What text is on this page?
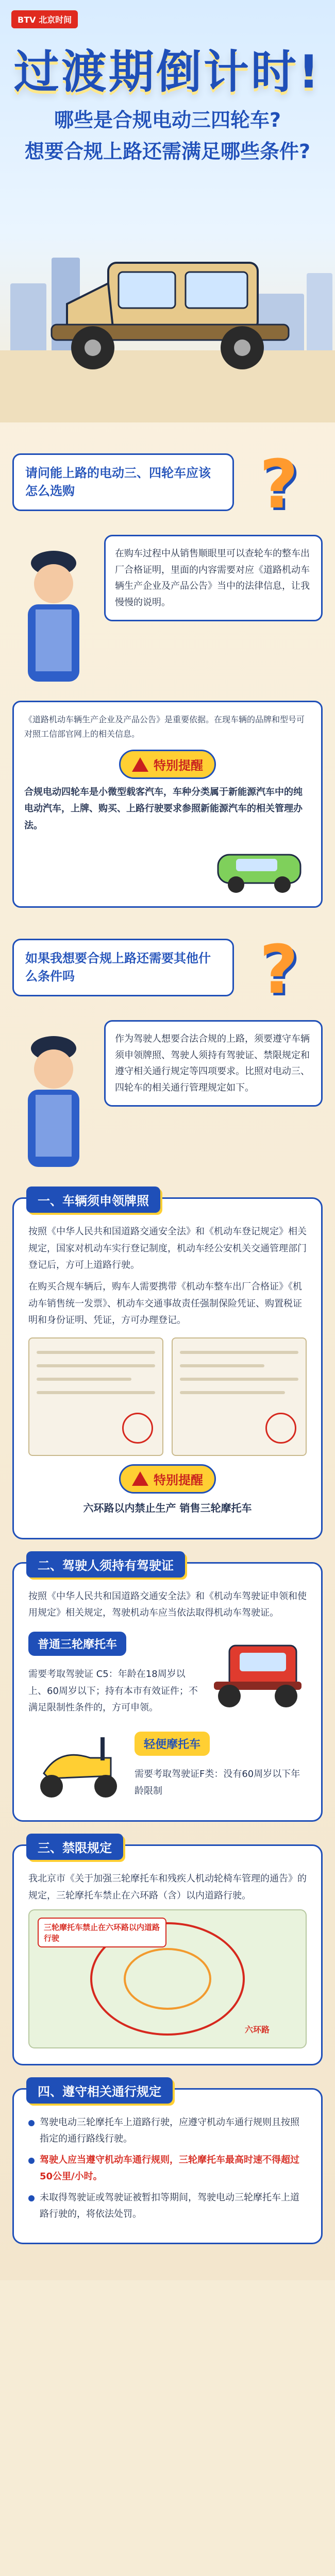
BTV 北京时间
过渡期倒计时!
哪些是合规电动三四轮车?
想要合规上路还需满足哪些条件?
请问能上路的电动三、四轮车应该怎么选购	?
在购车过程中从销售顺眼里可以查轮车的整车出厂合格证明，里面的内容需要对应《道路机动车辆生产企业及产品公告》当中的法律信息，让我慢慢的说明。
《道路机动车辆生产企业及产品公告》是重要依据。在现车辆的品牌和型号可对照工信部官网上的相关信息。
特别提醒
合规电动四轮车是小微型载客汽车，车种分类属于新能源汽车中的纯电动汽车，上牌、购买、上路行驶要求参照新能源汽车的相关管理办法。
如果我想要合规上路还需要其他什么条件吗	?
作为驾驶人想要合法合规的上路，须要遵守车辆须申领牌照、驾驶人须持有驾驶证、禁限规定和遵守相关通行规定等四项要求。比照对电动三、四轮车的相关通行管理规定如下。
一、车辆须申领牌照
按照《中华人民共和国道路交通安全法》和《机动车登记规定》相关规定，国家对机动车实行登记制度，机动车经公安机关交通管理部门登记后，方可上道路行驶。
在购买合规车辆后，购车人需要携带《机动车整车出厂合格证》《机动车销售统一发票》、机动车交通事故责任强制保险凭证、购置税证明和身份证明、凭证，方可办理登记。
特别提醒
六环路以内禁止生产 销售三轮摩托车
二、驾驶人须持有驾驶证
按照《中华人民共和国道路交通安全法》和《机动车驾驶证申领和使用规定》相关规定，驾驶机动车应当依法取得机动车驾驶证。
普通三轮摩托车
需要考取驾驶证 C5：年龄在18周岁以上、60周岁以下；持有本市有效证件；不满足限制性条件的，方可申领。
轻便摩托车
需要考取驾驶证F类：没有60周岁以下年龄限制
三、禁限规定
我北京市《关于加强三轮摩托车和残疾人机动轮椅车管理的通告》的规定，三轮摩托车禁止在六环路（含）以内道路行驶。
三轮摩托车禁止在六环路以内道路行驶
六环路
四、遵守相关通行规定
驾驶电动三轮摩托车上道路行驶，应遵守机动车通行规则且按照指定的通行路线行驶。
驾驶人应当遵守机动车通行规则，三轮摩托车最高时速不得超过50公里/小时。
未取得驾驶证或驾驶证被暂扣等期间，驾驶电动三轮摩托车上道路行驶的，将依法处罚。
